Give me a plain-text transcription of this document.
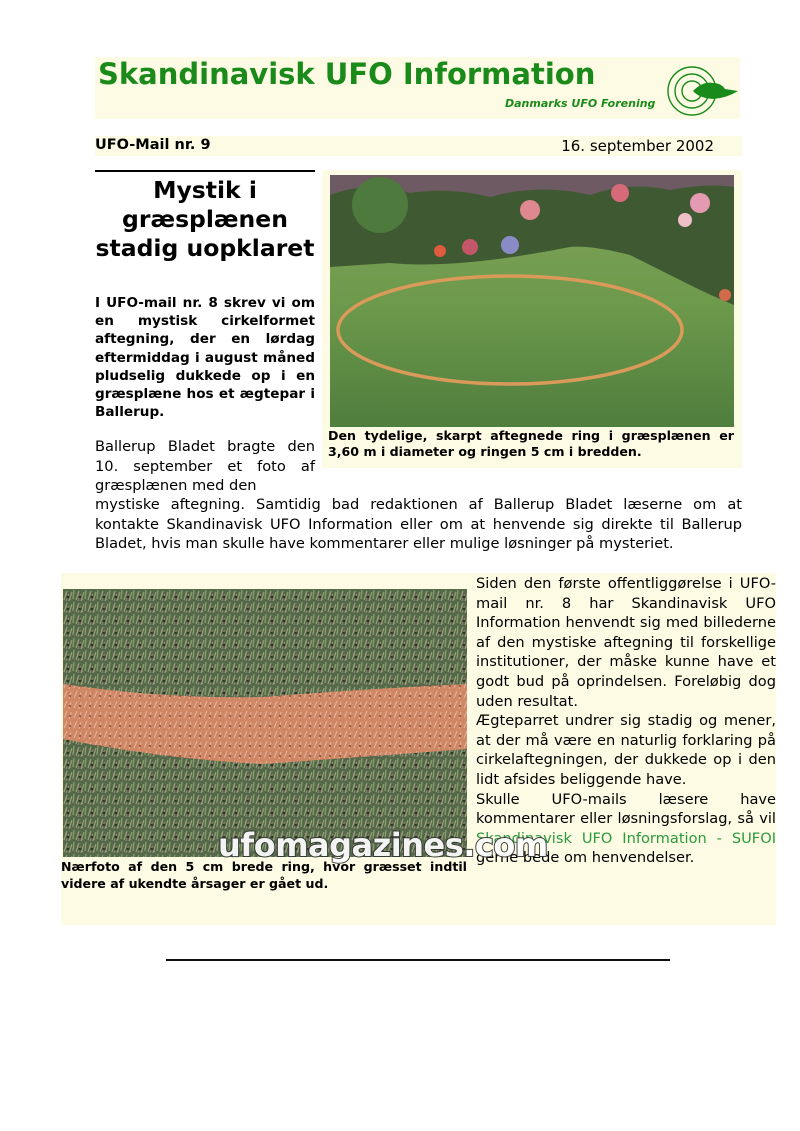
Skandinavisk UFO Information
Danmarks UFO Forening
UFO-Mail nr. 9	16. september 2002
Mystik i græsplænen stadig uopklaret

I UFO-mail nr. 8 skrev vi om en mystisk cirkelformet aftegning, der en lørdag eftermiddag i august måned pludselig dukkede op i en græsplæne hos et ægtepar i Ballerup.

Ballerup Bladet bragte den 10. september et foto af græsplænen med den

mystiske aftegning. Samtidig bad redaktionen af Ballerup Bladet læserne om at kontakte Skandinavisk UFO Information eller om at henvende sig direkte til Ballerup Bladet, hvis man skulle have kommentarer eller mulige løsninger på mysteriet.

Den tydelige, skarpt aftegnede ring i græsplænen er 3,60 m i diameter og ringen 5 cm i bredden.

Nærfoto af den 5 cm brede ring, hvor græsset indtil videre af ukendte årsager er gået ud.

Siden den første offentliggørelse i UFO-mail nr. 8 har Skandinavisk UFO Information henvendt sig med billederne af den mystiske aftegning til forskellige institutioner, der måske kunne have et godt bud på oprindelsen. Foreløbig dog uden resultat.

Ægteparret undrer sig stadig og mener, at der må være en naturlig forklaring på cirkelaftegningen, der dukkede op i den lidt afsides beliggende have.

Skulle UFO-mails læsere have kommentarer eller løsningsforslag, så vil Skandinavisk UFO Information - SUFOI gerne bede om henvendelser.

ufomagazines.com
